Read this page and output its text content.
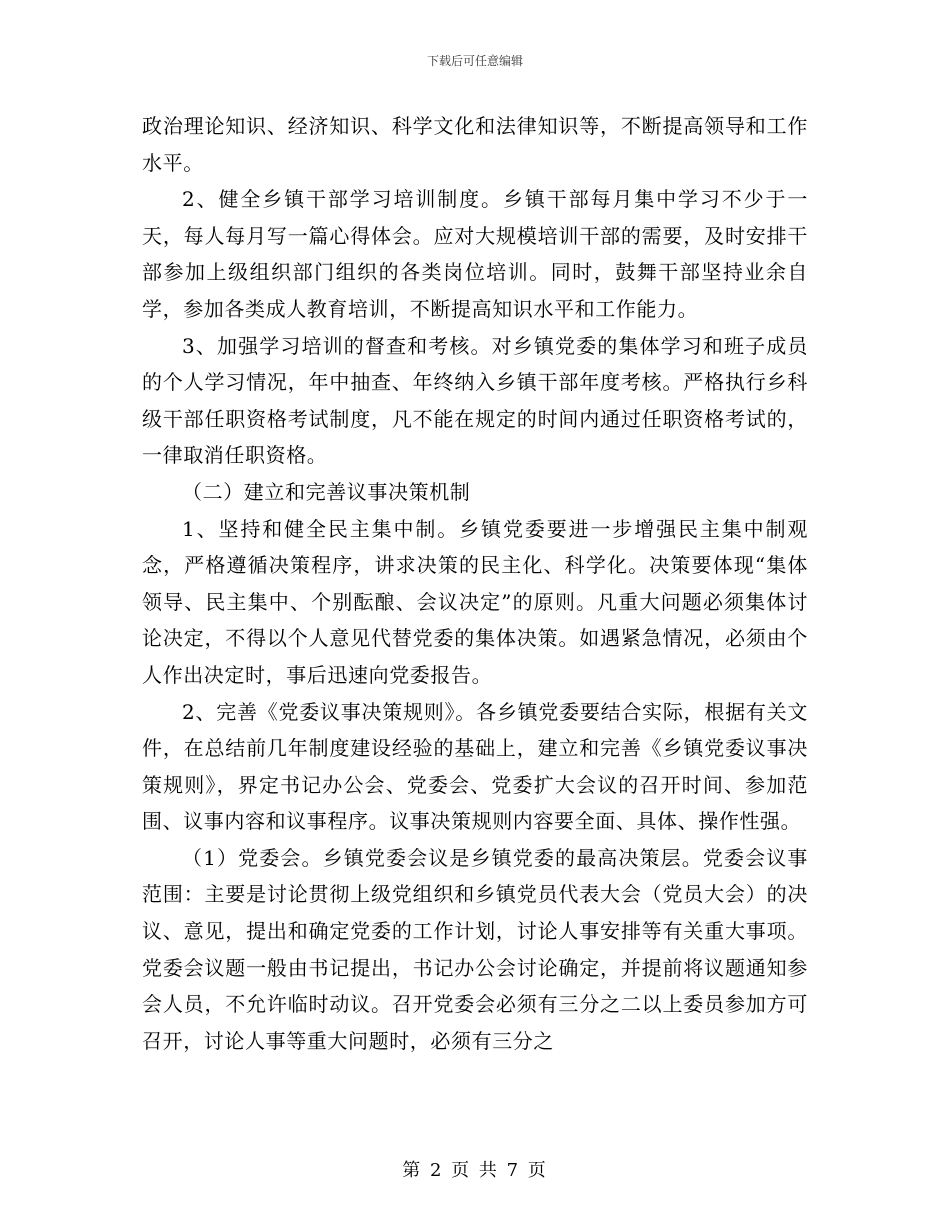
下载后可任意编辑

政治理论知识、经济知识、科学文化和法律知识等，不断提高领导和工作水平。

2、健全乡镇干部学习培训制度。乡镇干部每月集中学习不少于一天，每人每月写一篇心得体会。应对大规模培训干部的需要，及时安排干部参加上级组织部门组织的各类岗位培训。同时，鼓舞干部坚持业余自学，参加各类成人教育培训，不断提高知识水平和工作能力。

3、加强学习培训的督查和考核。对乡镇党委的集体学习和班子成员的个人学习情况，年中抽查、年终纳入乡镇干部年度考核。严格执行乡科级干部任职资格考试制度，凡不能在规定的时间内通过任职资格考试的，一律取消任职资格。

（二）建立和完善议事决策机制

1、坚持和健全民主集中制。乡镇党委要进一步增强民主集中制观念，严格遵循决策程序，讲求决策的民主化、科学化。决策要体现“集体领导、民主集中、个别酝酿、会议决定”的原则。凡重大问题必须集体讨论决定，不得以个人意见代替党委的集体决策。如遇紧急情况，必须由个人作出决定时，事后迅速向党委报告。

2、完善《党委议事决策规则》。各乡镇党委要结合实际，根据有关文件，在总结前几年制度建设经验的基础上，建立和完善《乡镇党委议事决策规则》，界定书记办公会、党委会、党委扩大会议的召开时间、参加范围、议事内容和议事程序。议事决策规则内容要全面、具体、操作性强。

（1）党委会。乡镇党委会议是乡镇党委的最高决策层。党委会议事范围：主要是讨论贯彻上级党组织和乡镇党员代表大会（党员大会）的决议、意见，提出和确定党委的工作计划，讨论人事安排等有关重大事项。党委会议题一般由书记提出，书记办公会讨论确定，并提前将议题通知参会人员，不允许临时动议。召开党委会必须有三分之二以上委员参加方可召开，讨论人事等重大问题时，必须有三分之

第 2 页 共 7 页
